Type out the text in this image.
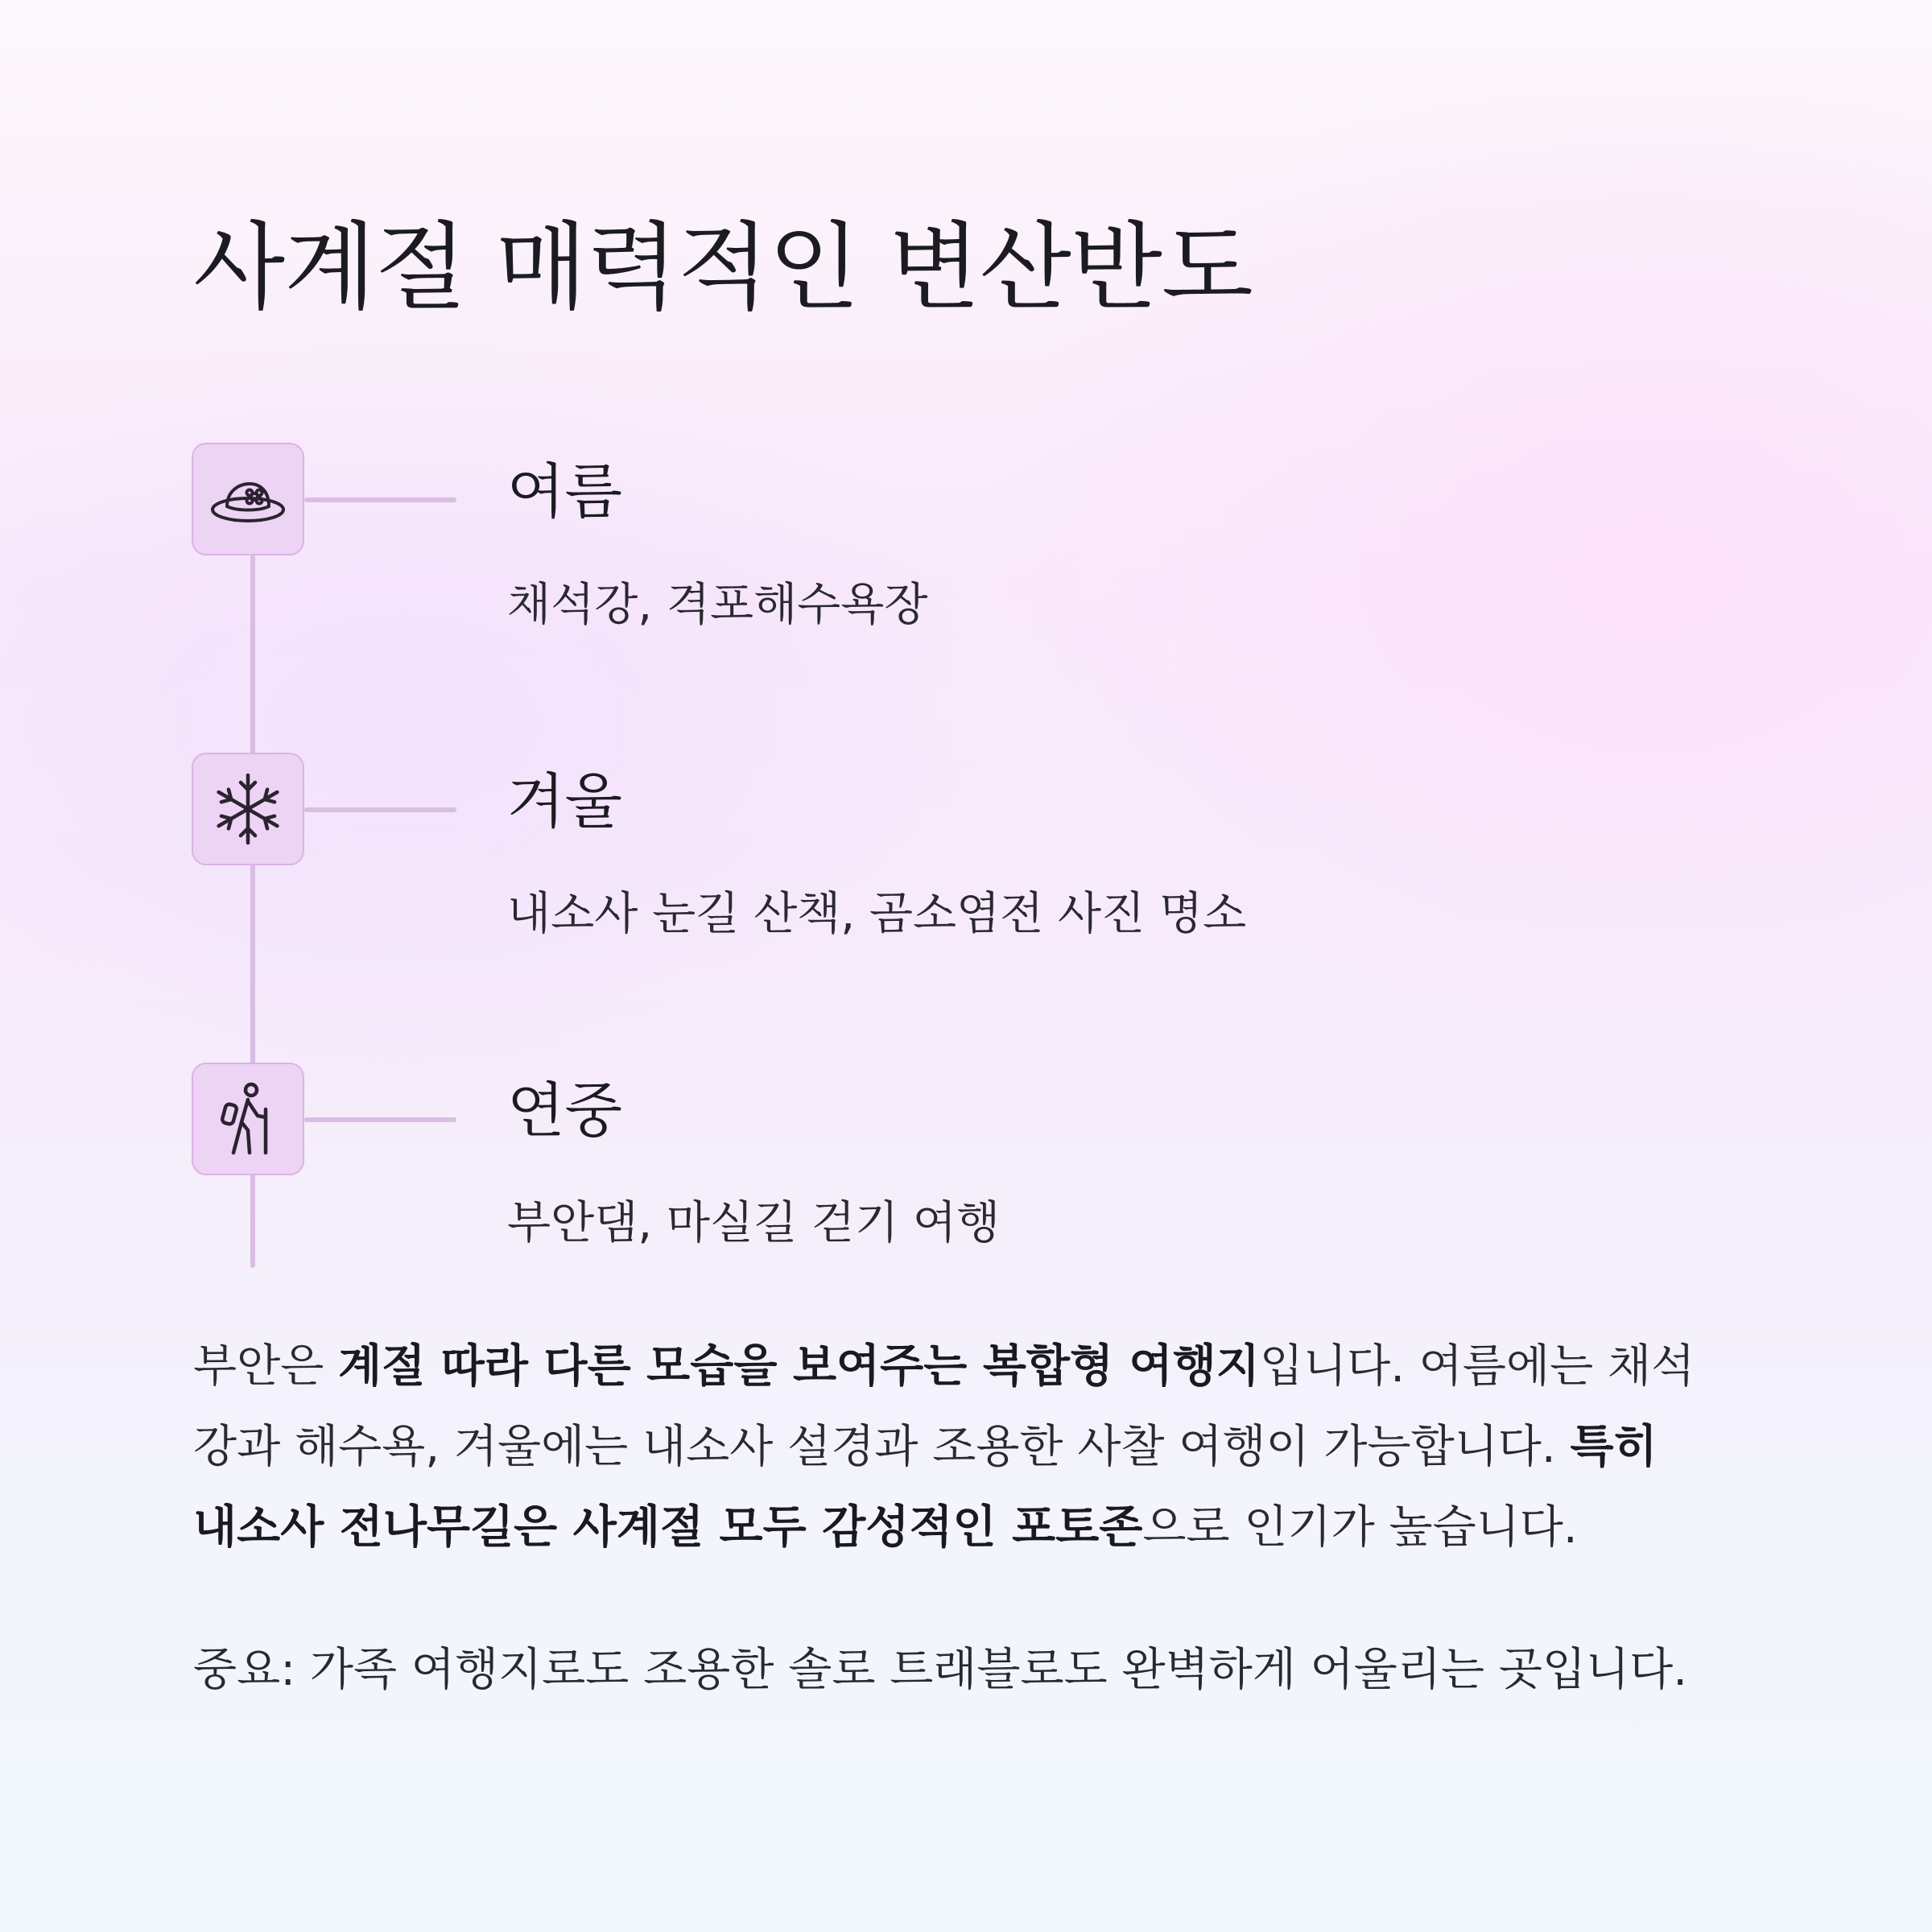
사계절 매력적인 변산반도
여름

채석강, 격포해수욕장

겨울

내소사 눈길 산책, 곰소염전 사진 명소

연중

부안댐, 마실길 걷기 여행

부안은 계절 따라 다른 모습을 보여주는 복합형 여행지입니다. 여름에는 채석
강과 해수욕, 겨울에는 내소사 설경과 조용한 사찰 여행이 가능합니다. 특히
내소사 전나무길은 사계절 모두 감성적인 포토존으로 인기가 높습니다.

중요: 가족 여행지로도 조용한 솔로 트래블로도 완벽하게 어울리는 곳입니다.
